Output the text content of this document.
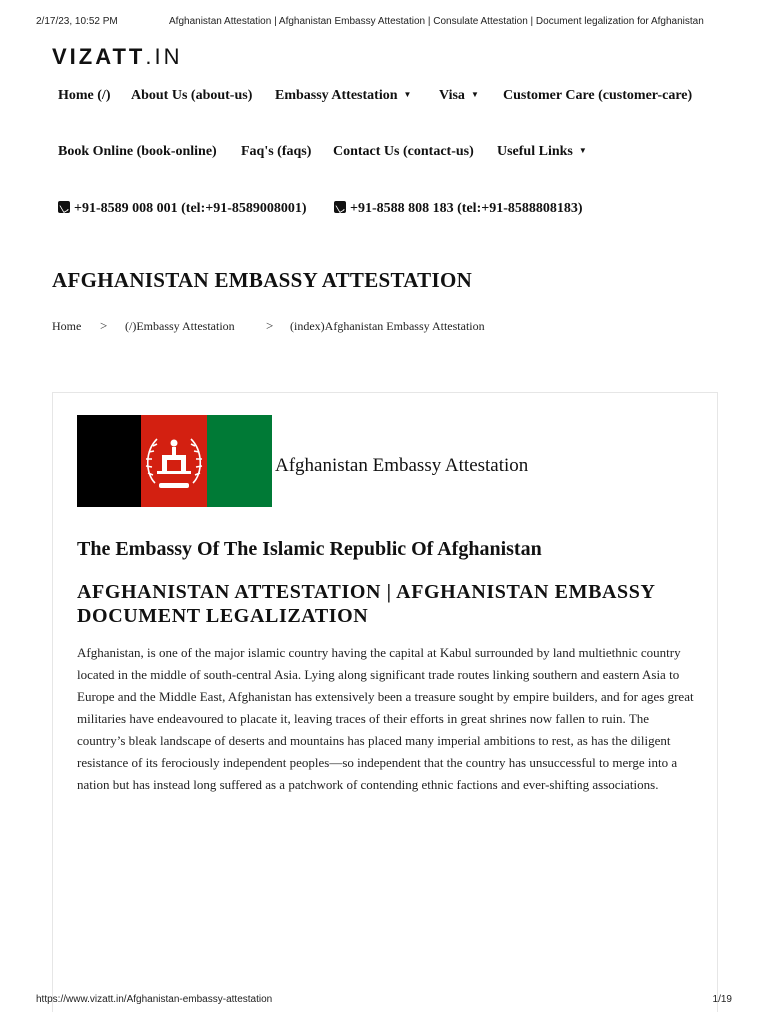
2/17/23, 10:52 PM	Afghanistan Attestation | Afghanistan Embassy Attestation | Consulate Attestation | Document legalization for Afghanistan
VIZATT.IN
Home (/) About Us (about-us) Embassy Attestation ▼ Visa ▼ Customer Care (customer-care)
Book Online (book-online) Faq's (faqs) Contact Us (contact-us) Useful Links ▼
+91-8589 008 001 (tel:+91-8589008001)	+91-8588 808 183 (tel:+91-8588808183)
AFGHANISTAN EMBASSY ATTESTATION
Home > (/)Embassy Attestation > (index)Afghanistan Embassy Attestation
Afghanistan Embassy Attestation
The Embassy Of The Islamic Republic Of Afghanistan
AFGHANISTAN ATTESTATION | AFGHANISTAN EMBASSY DOCUMENT LEGALIZATION

Afghanistan, is one of the major islamic country having the capital at Kabul surrounded by land multiethnic country located in the middle of south-central Asia. Lying along significant trade routes linking southern and eastern Asia to Europe and the Middle East, Afghanistan has extensively been a treasure sought by empire builders, and for ages great militaries have endeavoured to placate it, leaving traces of their efforts in great shrines now fallen to ruin. The country’s bleak landscape of deserts and mountains has placed many imperial ambitions to rest, as has the diligent resistance of its ferociously independent peoples—so independent that the country has unsuccessful to merge into a nation but has instead long suffered as a patchwork of contending ethnic factions and ever-shifting associations.

https://www.vizatt.in/Afghanistan-embassy-attestation	1/19
